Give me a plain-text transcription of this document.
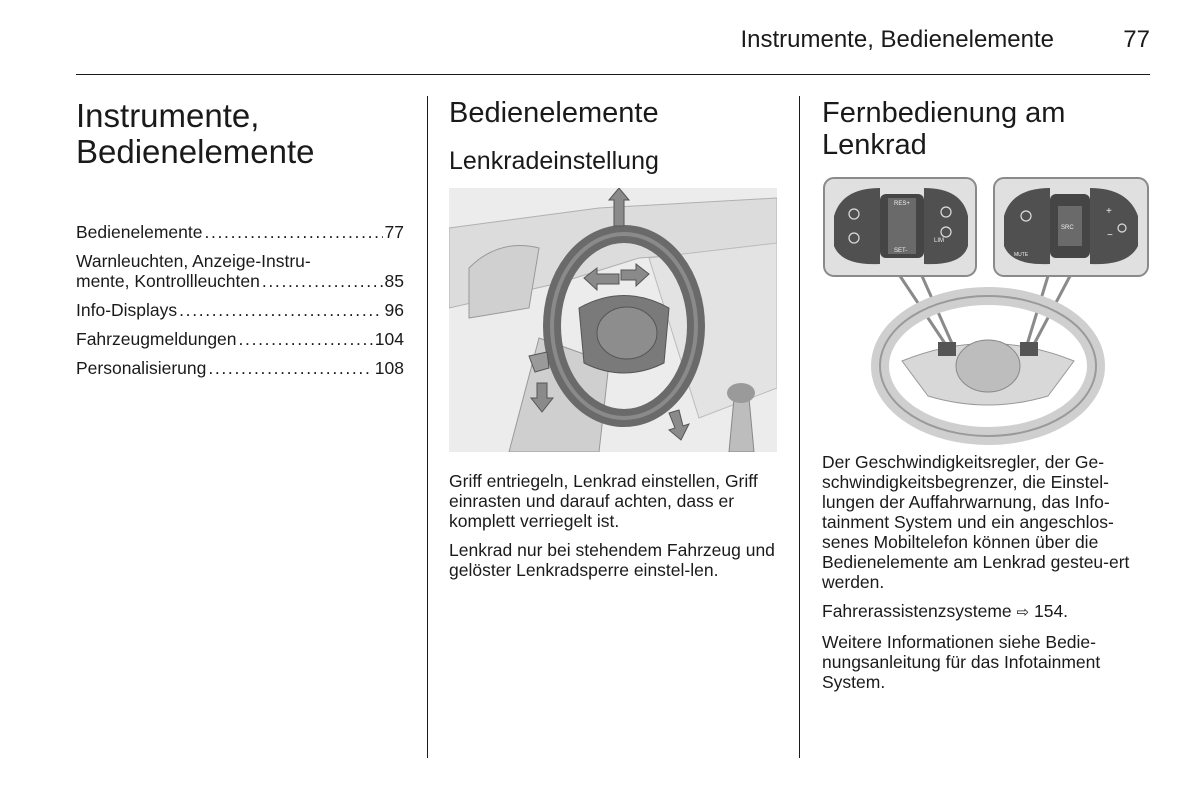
Instrumente, Bedienelemente	77
Instrumente,
Bedienelemente
Bedienelemente . . .	77
Warnleuchten, Anzeige-Instru-
mente, Kontrollleuchten . . .	85
Info-Displays . . .	96
Fahrzeugmeldungen . . .	104
Personalisierung . . .	108
Bedienelemente
Lenkradeinstellung

Griff entriegeln, Lenkrad einstellen, Griff einrasten und darauf achten, dass er komplett verriegelt ist.

Lenkrad nur bei stehendem Fahrzeug und gelöster Lenkradsperre einstel-len.

Fernbedienung am
Lenkrad
RES+
SET-
LIM
SRC
MUTE
+
−

Der Geschwindigkeitsregler, der Ge-schwindigkeitsbegrenzer, die Einstel-lungen der Auffahrwarnung, das Info-tainment System und ein angeschlos-senes Mobiltelefon können über die Bedienelemente am Lenkrad gesteu-ert werden.

Fahrerassistenzsysteme ⇨ 154.

Weitere Informationen siehe Bedie-nungsanleitung für das Infotainment System.
